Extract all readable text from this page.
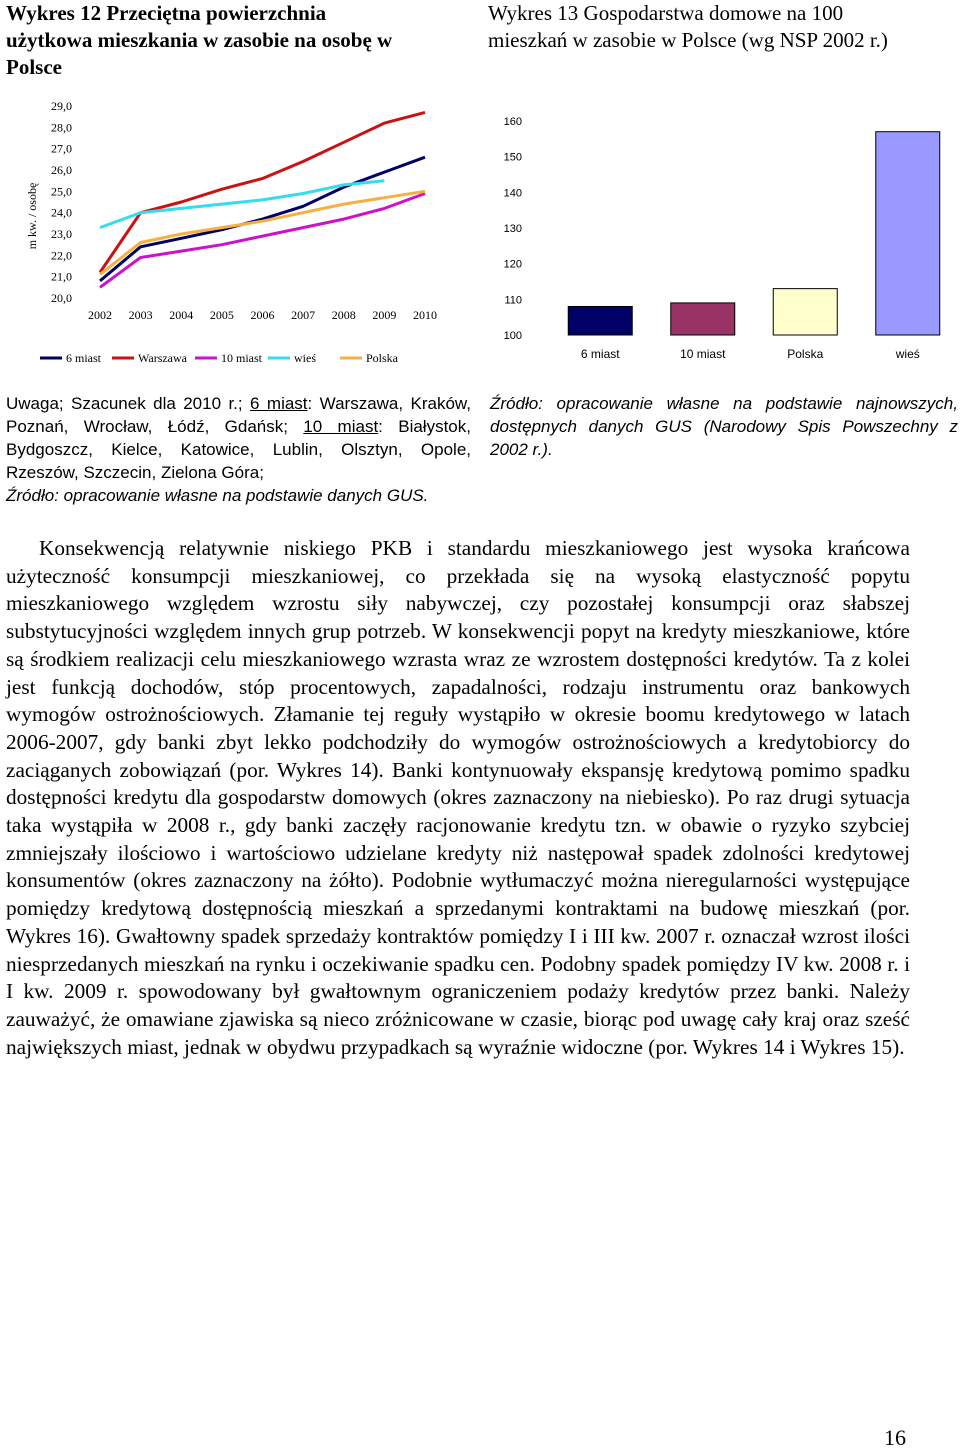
Wykres 12 Przeciętna powierzchnia
użytkowa mieszkania w zasobie na osobę w
Polsce
Wykres 13 Gospodarstwa domowe na 100
mieszkań w zasobie w Polsce (wg NSP 2002 r.)
29,0
28,0
27,0
26,0
25,0
24,0
23,0
22,0
21,0
20,0
2002 2003 2004 2005 2006 2007 2008 2009 2010
m kw. / osobę
6 miast	Warszawa	10 miast	wieś	Polska
160
150
140
130
120
110
100
6 miast	10 miast	Polska	wieś
Uwaga; Szacunek dla 2010 r.; 6 miast: Warszawa, Kraków, Poznań, Wrocław, Łódź, Gdańsk; 10 miast: Białystok, Bydgoszcz, Kielce, Katowice, Lublin, Olsztyn, Opole, Rzeszów, Szczecin, Zielona Góra;
Źródło: opracowanie własne na podstawie danych GUS.
Źródło: opracowanie własne na podstawie najnowszych, dostępnych danych GUS (Narodowy Spis Powszechny z 2002 r.).
Konsekwencją relatywnie niskiego PKB i standardu mieszkaniowego jest wysoka krańcowa użyteczność konsumpcji mieszkaniowej, co przekłada się na wysoką elastyczność popytu mieszkaniowego względem wzrostu siły nabywczej, czy pozostałej konsumpcji oraz słabszej substytucyjności względem innych grup potrzeb. W konsekwencji popyt na kredyty mieszkaniowe, które są środkiem realizacji celu mieszkaniowego wzrasta wraz ze wzrostem dostępności kredytów. Ta z kolei jest funkcją dochodów, stóp procentowych, zapadalności, rodzaju instrumentu oraz bankowych wymogów ostrożnościowych. Złamanie tej reguły wystąpiło w okresie boomu kredytowego w latach 2006-2007, gdy banki zbyt lekko podchodziły do wymogów ostrożnościowych a kredytobiorcy do zaciąganych zobowiązań (por. Wykres 14). Banki kontynuowały ekspansję kredytową pomimo spadku dostępności kredytu dla gospodarstw domowych (okres zaznaczony na niebiesko). Po raz drugi sytuacja taka wystąpiła w 2008 r., gdy banki zaczęły racjonowanie kredytu tzn. w obawie o ryzyko szybciej zmniejszały ilościowo i wartościowo udzielane kredyty niż następował spadek zdolności kredytowej konsumentów (okres zaznaczony na żółto). Podobnie wytłumaczyć można nieregularności występujące pomiędzy kredytową dostępnością mieszkań a sprzedanymi kontraktami na budowę mieszkań (por. Wykres 16). Gwałtowny spadek sprzedaży kontraktów pomiędzy I i III kw. 2007 r. oznaczał wzrost ilości niesprzedanych mieszkań na rynku i oczekiwanie spadku cen. Podobny spadek pomiędzy IV kw. 2008 r. i I kw. 2009 r. spowodowany był gwałtownym ograniczeniem podaży kredytów przez banki. Należy zauważyć, że omawiane zjawiska są nieco zróżnicowane w czasie, biorąc pod uwagę cały kraj oraz sześć największych miast, jednak w obydwu przypadkach są wyraźnie widoczne (por. Wykres 14 i Wykres 15).
16
